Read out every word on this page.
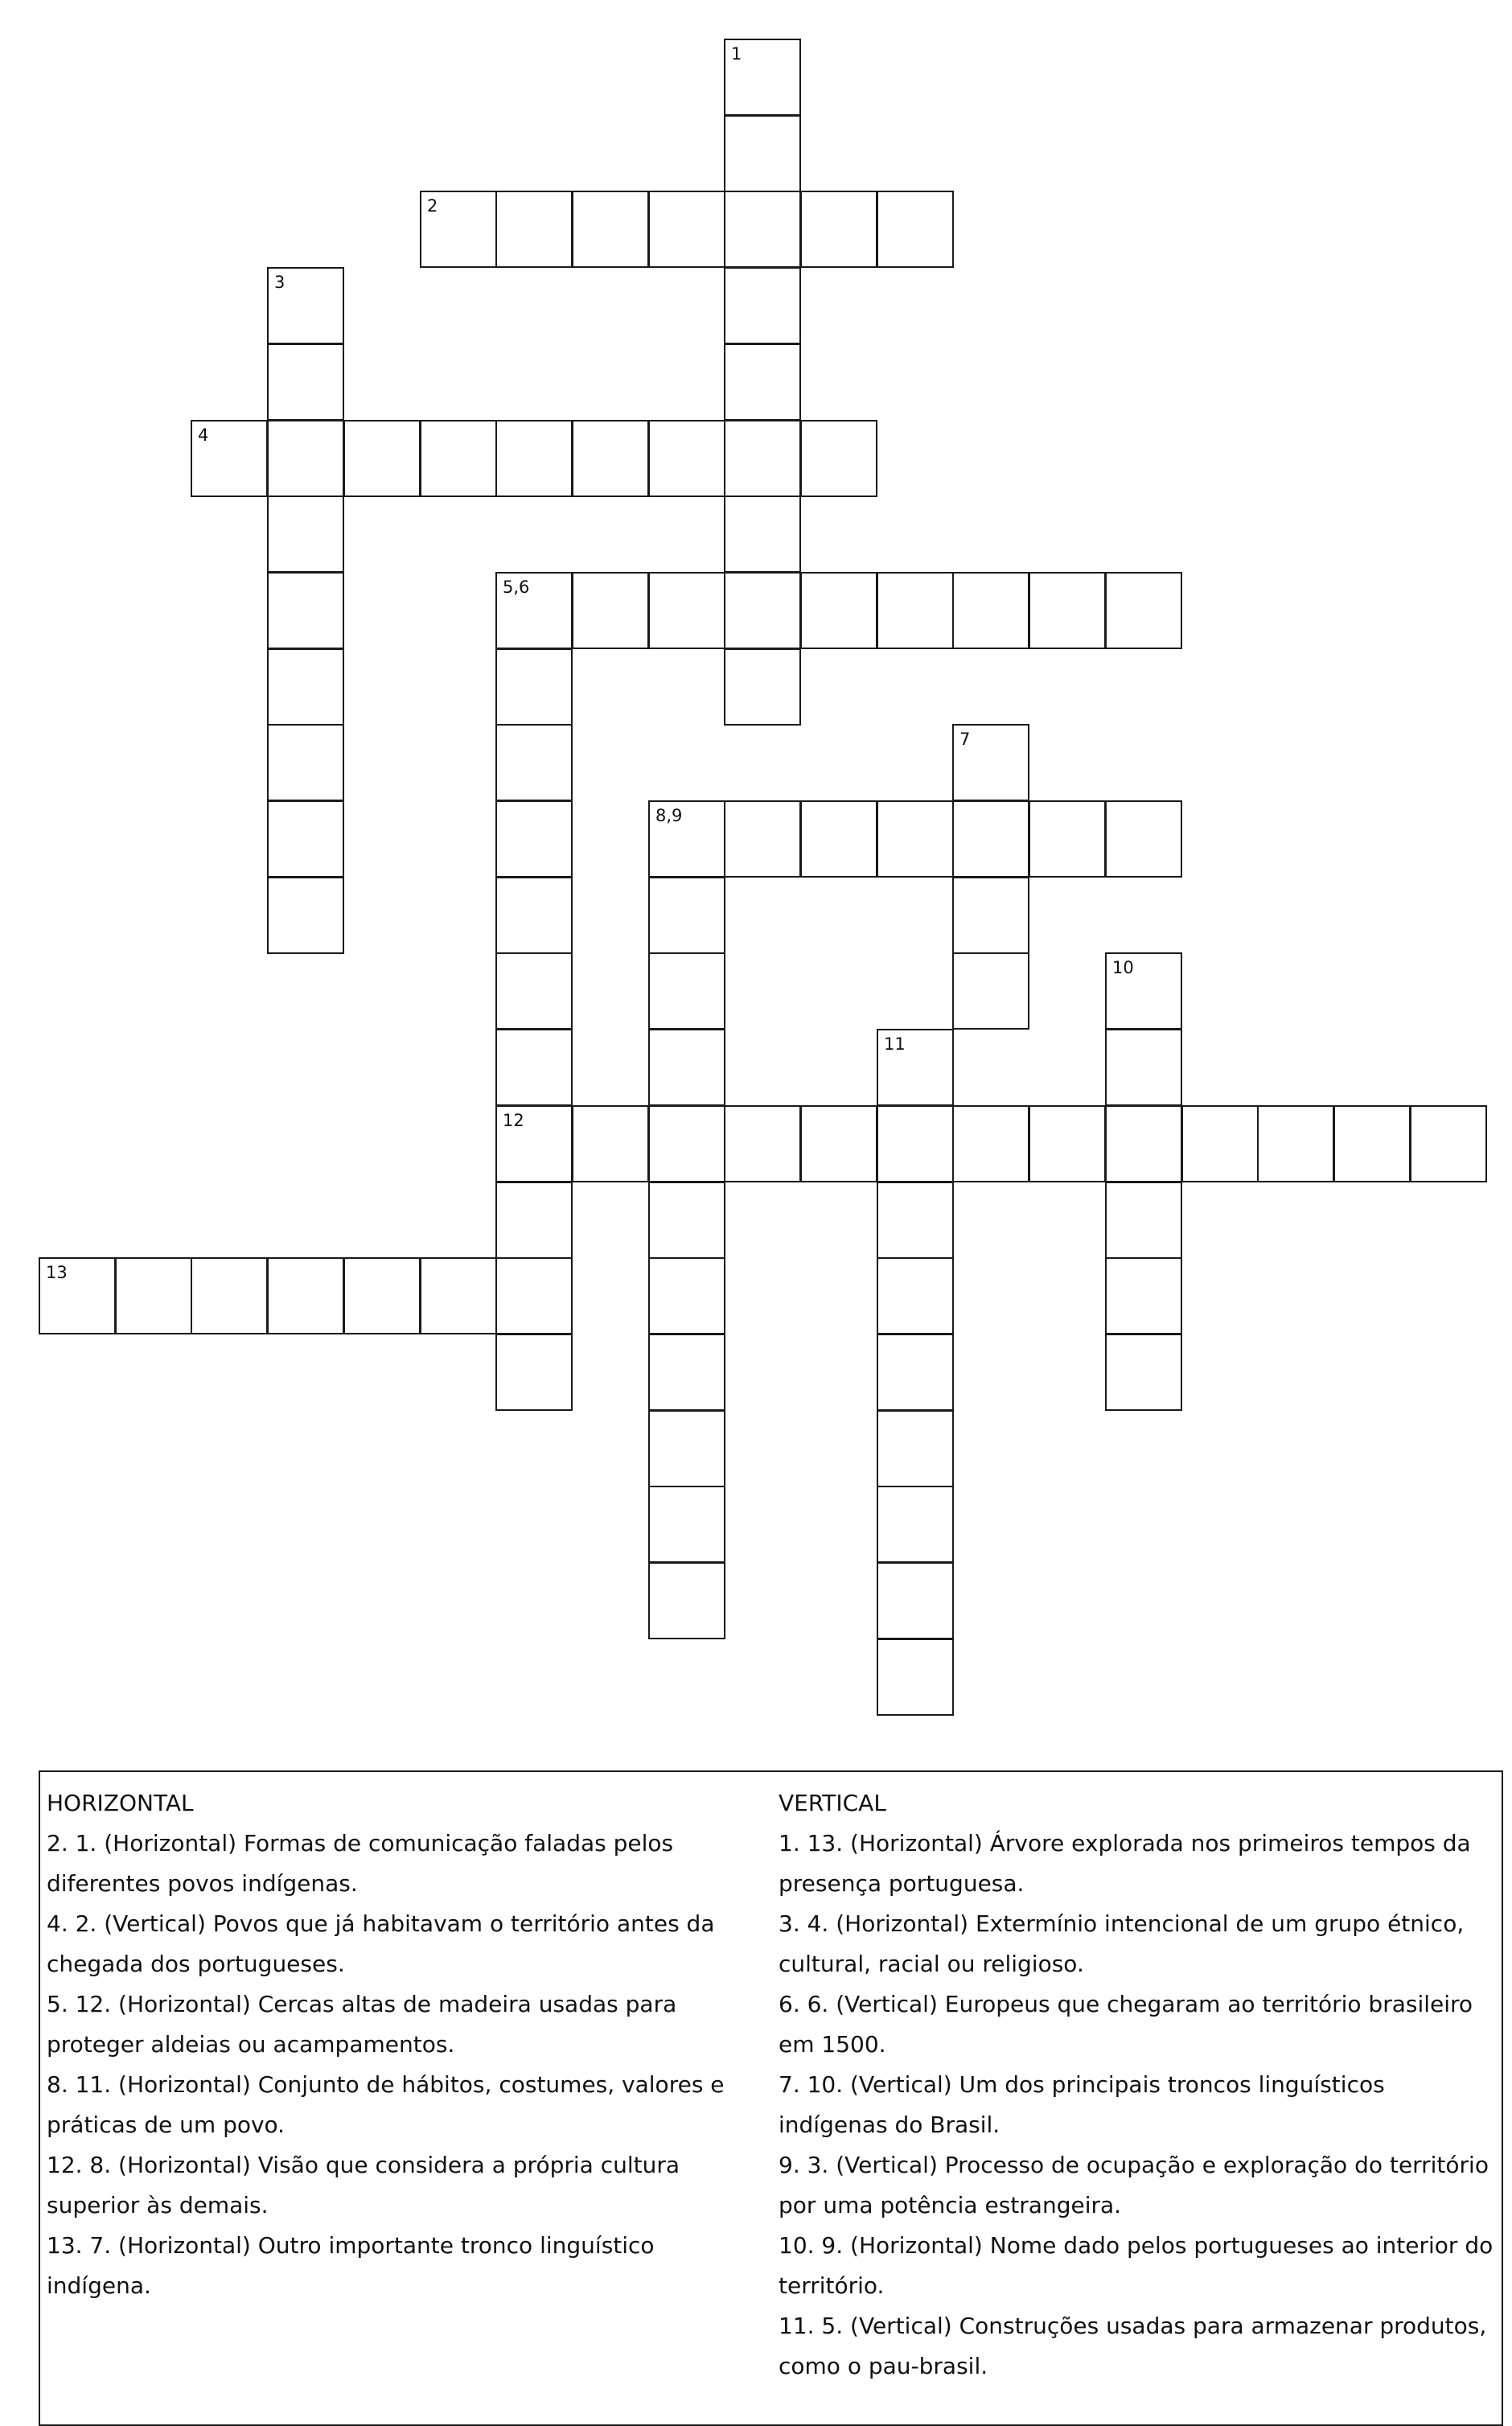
1
2
3
4
5,6
7
8,9
10
11
12
13

HORIZONTAL

2. 1. (Horizontal) Formas de comunicação faladas pelos diferentes povos indígenas.

4. 2. (Vertical) Povos que já habitavam o território antes da chegada dos portugueses.

5. 12. (Horizontal) Cercas altas de madeira usadas para proteger aldeias ou acampamentos.

8. 11. (Horizontal) Conjunto de hábitos, costumes, valores e práticas de um povo.

12. 8. (Horizontal) Visão que considera a própria cultura superior às demais.

13. 7. (Horizontal) Outro importante tronco linguístico indígena.

VERTICAL

1. 13. (Horizontal) Árvore explorada nos primeiros tempos da presença portuguesa.

3. 4. (Horizontal) Extermínio intencional de um grupo étnico, cultural, racial ou religioso.

6. 6. (Vertical) Europeus que chegaram ao território brasileiro em 1500.

7. 10. (Vertical) Um dos principais troncos linguísticos indígenas do Brasil.

9. 3. (Vertical) Processo de ocupação e exploração do território por uma potência estrangeira.

10. 9. (Horizontal) Nome dado pelos portugueses ao interior do território.

11. 5. (Vertical) Construções usadas para armazenar produtos, como o pau-brasil.
